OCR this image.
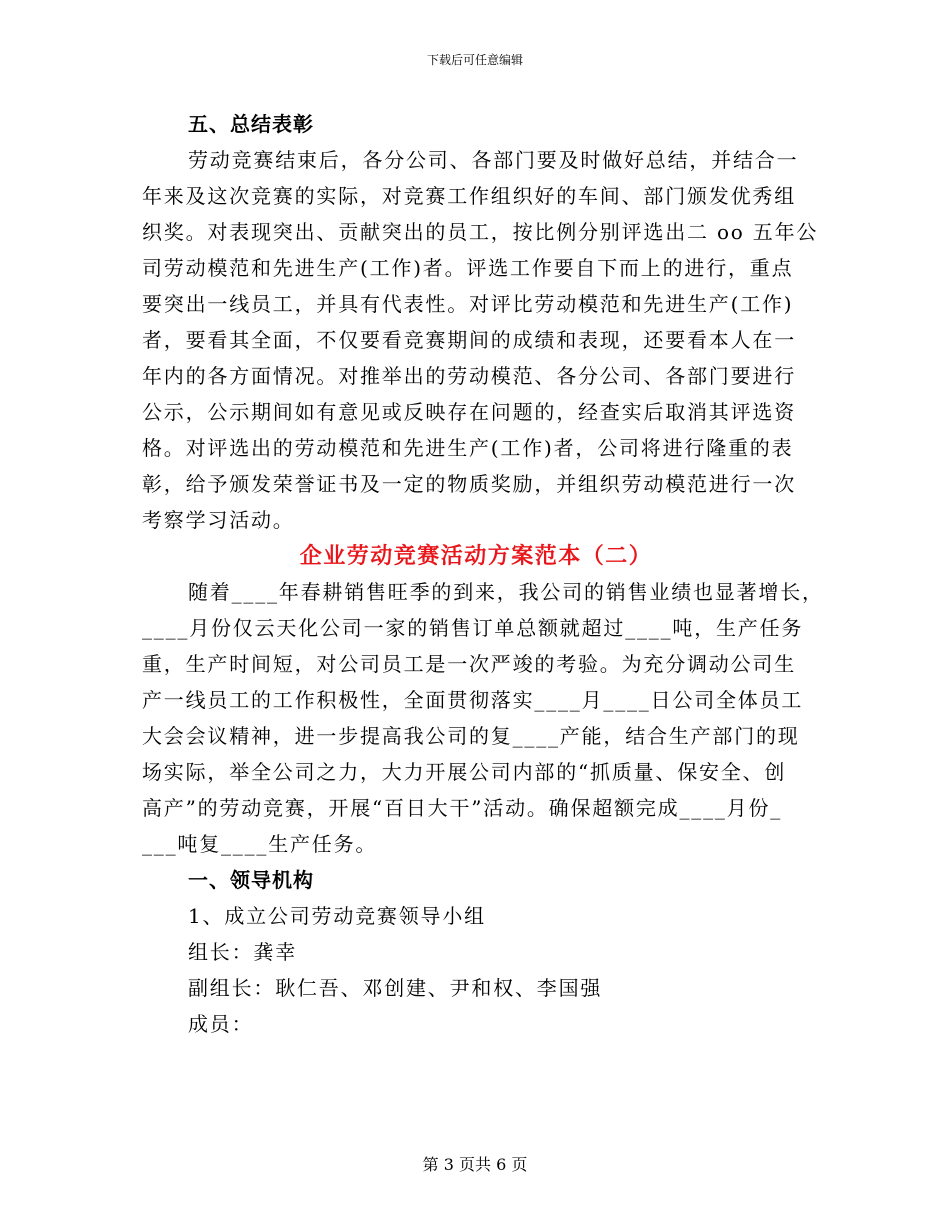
下载后可任意编辑
五、总结表彰
劳动竞赛结束后，各分公司、各部门要及时做好总结，并结合一
年来及这次竞赛的实际，对竞赛工作组织好的车间、部门颁发优秀组
织奖。对表现突出、贡献突出的员工，按比例分别评选出二 oo 五年公
司劳动模范和先进生产(工作)者。评选工作要自下而上的进行，重点
要突出一线员工，并具有代表性。对评比劳动模范和先进生产(工作)
者，要看其全面，不仅要看竞赛期间的成绩和表现，还要看本人在一
年内的各方面情况。对推举出的劳动模范、各分公司、各部门要进行
公示，公示期间如有意见或反映存在问题的，经查实后取消其评选资
格。对评选出的劳动模范和先进生产(工作)者，公司将进行隆重的表
彰，给予颁发荣誉证书及一定的物质奖励，并组织劳动模范进行一次
考察学习活动。
企业劳动竞赛活动方案范本（二）
随着____年春耕销售旺季的到来，我公司的销售业绩也显著增长，
____月份仅云天化公司一家的销售订单总额就超过____吨，生产任务
重，生产时间短，对公司员工是一次严竣的考验。为充分调动公司生
产一线员工的工作积极性，全面贯彻落实____月____日公司全体员工
大会会议精神，进一步提高我公司的复____产能，结合生产部门的现
场实际，举全公司之力，大力开展公司内部的“抓质量、保安全、创
高产”的劳动竞赛，开展“百日大干”活动。确保超额完成____月份_
___吨复____生产任务。
一、领导机构
1、成立公司劳动竞赛领导小组
组长：龚幸
副组长：耿仁吾、邓创建、尹和权、李国强
成员：
第 3 页共 6 页
